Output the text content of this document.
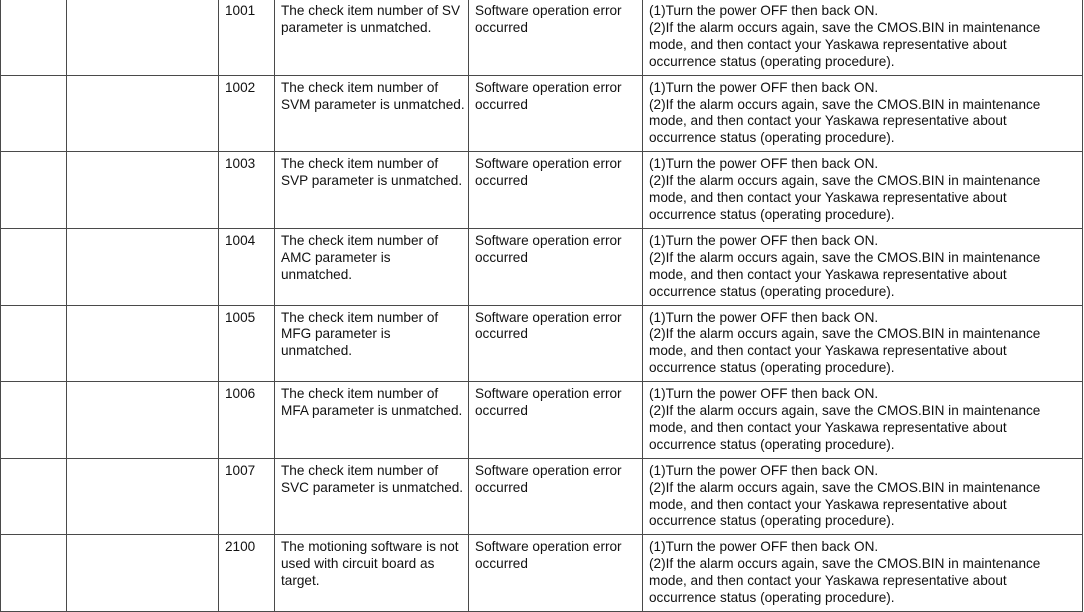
		1001	The check item number of SV
parameter is unmatched.	Software operation error
occurred	(1)Turn the power OFF then back ON.
(2)If the alarm occurs again, save the CMOS.BIN in maintenance
mode, and then contact your Yaskawa representative about
occurrence status (operating procedure).

		1002	The check item number of
SVM parameter is unmatched.	Software operation error
occurred	(1)Turn the power OFF then back ON.
(2)If the alarm occurs again, save the CMOS.BIN in maintenance
mode, and then contact your Yaskawa representative about
occurrence status (operating procedure).

		1003	The check item number of
SVP parameter is unmatched.	Software operation error
occurred	(1)Turn the power OFF then back ON.
(2)If the alarm occurs again, save the CMOS.BIN in maintenance
mode, and then contact your Yaskawa representative about
occurrence status (operating procedure).

		1004	The check item number of
AMC parameter is
unmatched.	Software operation error
occurred	(1)Turn the power OFF then back ON.
(2)If the alarm occurs again, save the CMOS.BIN in maintenance
mode, and then contact your Yaskawa representative about
occurrence status (operating procedure).

		1005	The check item number of
MFG parameter is
unmatched.	Software operation error
occurred	(1)Turn the power OFF then back ON.
(2)If the alarm occurs again, save the CMOS.BIN in maintenance
mode, and then contact your Yaskawa representative about
occurrence status (operating procedure).

		1006	The check item number of
MFA parameter is unmatched.	Software operation error
occurred	(1)Turn the power OFF then back ON.
(2)If the alarm occurs again, save the CMOS.BIN in maintenance
mode, and then contact your Yaskawa representative about
occurrence status (operating procedure).

		1007	The check item number of
SVC parameter is unmatched.	Software operation error
occurred	(1)Turn the power OFF then back ON.
(2)If the alarm occurs again, save the CMOS.BIN in maintenance
mode, and then contact your Yaskawa representative about
occurrence status (operating procedure).

		2100	The motioning software is not
used with circuit board as
target.	Software operation error
occurred	(1)Turn the power OFF then back ON.
(2)If the alarm occurs again, save the CMOS.BIN in maintenance
mode, and then contact your Yaskawa representative about
occurrence status (operating procedure).
